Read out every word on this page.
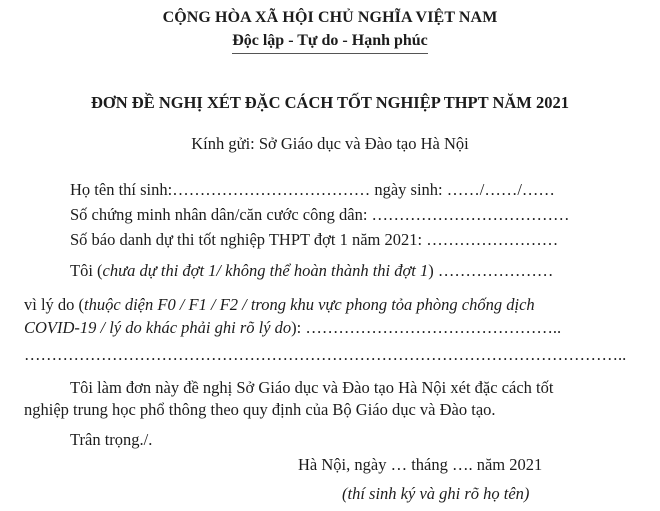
CỘNG HÒA XÃ HỘI CHỦ NGHĨA VIỆT NAM
Độc lập - Tự do - Hạnh phúc
ĐƠN ĐỀ NGHỊ XÉT ĐẶC CÁCH TỐT NGHIỆP THPT NĂM 2021
Kính gửi: Sở Giáo dục và Đào tạo Hà Nội
Họ tên thí sinh:……………………………… ngày sinh: ……/……/……
Số chứng minh nhân dân/căn cước công dân: ………………………………
Số báo danh dự thi tốt nghiệp THPT đợt 1 năm 2021: ……………………
Tôi (chưa dự thi đợt 1/ không thể hoàn thành thi đợt 1) …………………
vì lý do (thuộc diện F0 / F1 / F2 / trong khu vực phong tỏa phòng chống dịch
COVID-19 / lý do khác phải ghi rõ lý do): ………………………………………..
………………………………………………………………………………………………..
Tôi làm đơn này đề nghị Sở Giáo dục và Đào tạo Hà Nội xét đặc cách tốt
nghiệp trung học phổ thông theo quy định của Bộ Giáo dục và Đào tạo.
Trân trọng./.
Hà Nội, ngày … tháng …. năm 2021
(thí sinh ký và ghi rõ họ tên)
